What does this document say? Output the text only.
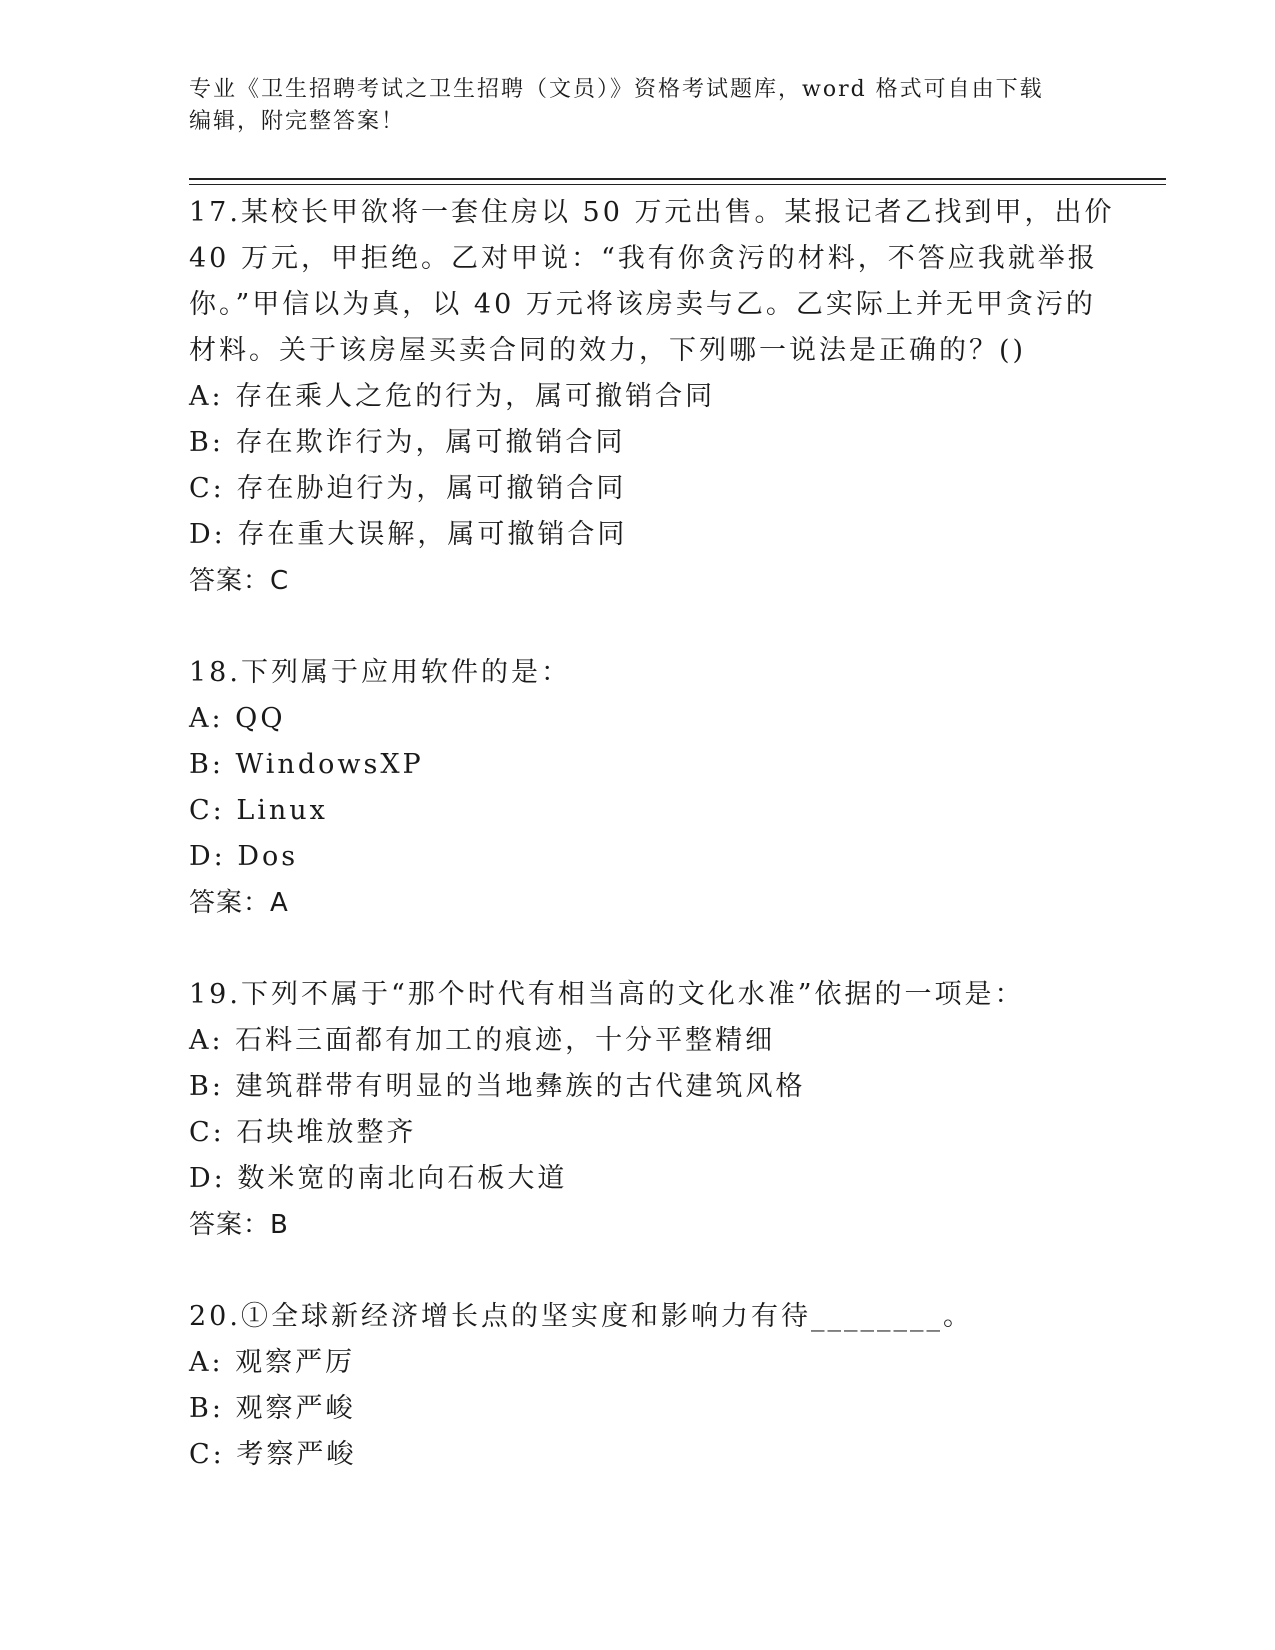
专业《卫生招聘考试之卫生招聘（文员）》资格考试题库，word 格式可自由下载
编辑，附完整答案！
17.某校长甲欲将一套住房以 50 万元出售。某报记者乙找到甲，出价
40 万元，甲拒绝。乙对甲说：“我有你贪污的材料，不答应我就举报
你。”甲信以为真，以 40 万元将该房卖与乙。乙实际上并无甲贪污的
材料。关于该房屋买卖合同的效力，下列哪一说法是正确的？()
A: 存在乘人之危的行为，属可撤销合同
B: 存在欺诈行为，属可撤销合同
C: 存在胁迫行为，属可撤销合同
D: 存在重大误解，属可撤销合同
答案：C
18.下列属于应用软件的是：
A: QQ
B: WindowsXP
C: Linux
D: Dos
答案：A
19.下列不属于“那个时代有相当高的文化水准”依据的一项是：
A: 石料三面都有加工的痕迹，十分平整精细
B: 建筑群带有明显的当地彝族的古代建筑风格
C: 石块堆放整齐
D: 数米宽的南北向石板大道
答案：B
20.①全球新经济增长点的坚实度和影响力有待________。
A: 观察严厉
B: 观察严峻
C: 考察严峻
